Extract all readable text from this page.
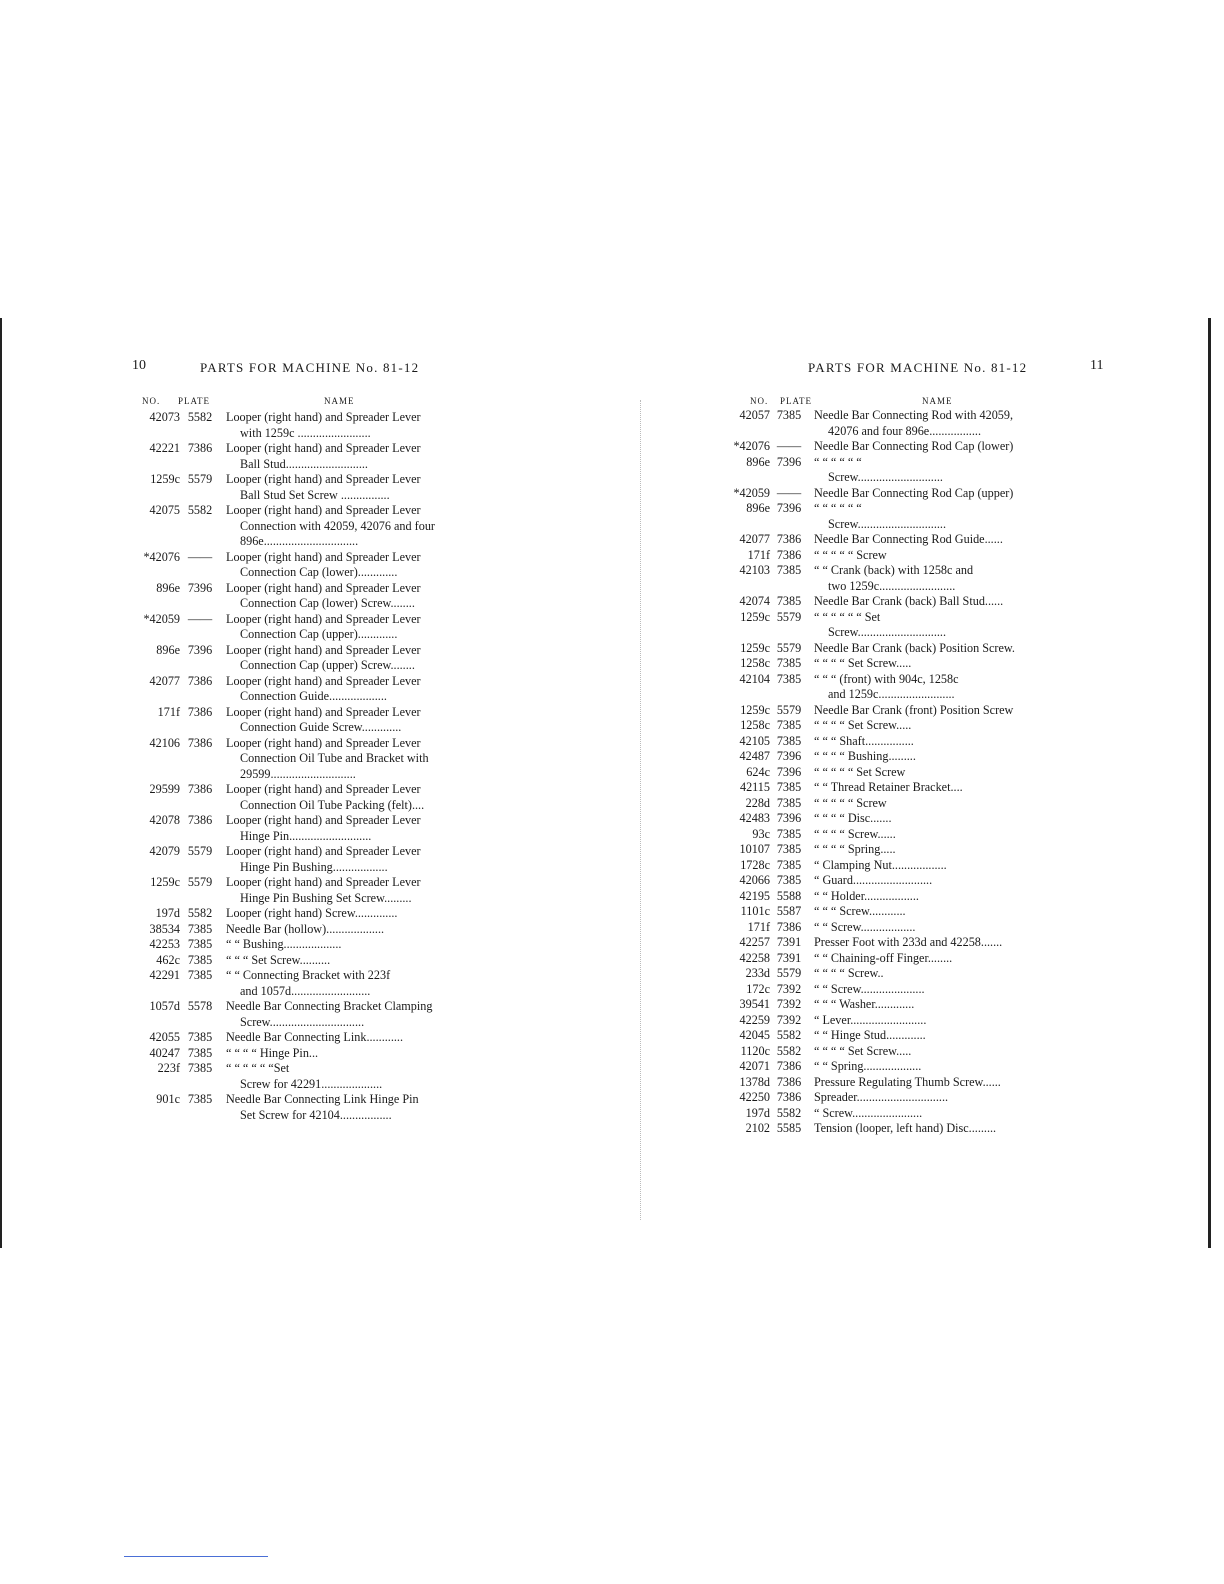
10	PARTS FOR MACHINE No. 81-12
NO. PLATE	NAME
42073 5582	Looper (right hand) and Spreader Lever
with 1259c ........................
42221 7386	Looper (right hand) and Spreader Lever
Ball Stud...........................
1259c 5579	Looper (right hand) and Spreader Lever
Ball Stud Set Screw ................
42075 5582	Looper (right hand) and Spreader Lever
Connection with 42059, 42076 and four 896e...............................
*42076 ——	Looper (right hand) and Spreader Lever
Connection Cap (lower).............
896e 7396	Looper (right hand) and Spreader Lever
Connection Cap (lower) Screw........
*42059 ——	Looper (right hand) and Spreader Lever
Connection Cap (upper).............
896e 7396	Looper (right hand) and Spreader Lever
Connection Cap (upper) Screw........
42077 7386	Looper (right hand) and Spreader Lever
Connection Guide...................
171f 7386	Looper (right hand) and Spreader Lever
Connection Guide Screw.............
42106 7386	Looper (right hand) and Spreader Lever
Connection Oil Tube and Bracket with 29599............................
29599 7386	Looper (right hand) and Spreader Lever
Connection Oil Tube Packing (felt)....
42078 7386	Looper (right hand) and Spreader Lever
Hinge Pin...........................
42079 5579	Looper (right hand) and Spreader Lever
Hinge Pin Bushing..................
1259c 5579	Looper (right hand) and Spreader Lever
Hinge Pin Bushing Set Screw.........
197d 5582	Looper (right hand) Screw..............
38534 7385	Needle Bar (hollow)...................
42253 7385	“ “ Bushing...................
462c 7385	“ “ “ Set Screw..........
42291 7385	“ “ Connecting Bracket with 223f
and 1057d..........................
1057d 5578	Needle Bar Connecting Bracket Clamping
Screw...............................
42055 7385	Needle Bar Connecting Link............
40247 7385	“ “ “ “ Hinge Pin...
223f 7385	“ “ “ “ “ “Set
Screw for 42291....................
901c 7385	Needle Bar Connecting Link Hinge Pin
Set Screw for 42104.................
PARTS FOR MACHINE No. 81-12	11
NO. PLATE	NAME
42057 7385 Needle Bar Connecting Rod with 42059,
42076 and four 896e.................
*42076 —— Needle Bar Connecting Rod Cap (lower)
896e 7396 “ “ “ “ “ “
Screw............................
*42059 —— Needle Bar Connecting Rod Cap (upper)
896e 7396 “ “ “ “ “ “
Screw.............................
42077 7386 Needle Bar Connecting Rod Guide......
171f 7386 “ “ “ “ “ Screw
42103 7385 “ “ Crank (back) with 1258c and
two 1259c.........................
42074 7385 Needle Bar Crank (back) Ball Stud......
1259c 5579 “ “ “ “ “ “ Set
Screw.............................
1259c 5579 Needle Bar Crank (back) Position Screw.
1258c 7385 “ “ “ “ Set Screw.....
42104 7385 “ “ “ (front) with 904c, 1258c
and 1259c.........................
1259c 5579 Needle Bar Crank (front) Position Screw
1258c 7385 “ “ “ “ Set Screw.....
42105 7385 “ “ “ Shaft................
42487 7396 “ “ “ “ Bushing.........
624c 7396 “ “ “ “ “ Set Screw
42115 7385 “ “ Thread Retainer Bracket....
228d 7385 “ “ “ “ “ Screw
42483 7396 “ “ “ “ Disc.......
93c 7385 “ “ “ “ Screw......
10107 7385 “ “ “ “ Spring.....
1728c 7385 “ Clamping Nut..................
42066 7385 “ Guard..........................
42195 5588 “ “ Holder..................
1101c 5587 “ “ “ Screw............
171f 7386 “ “ Screw..................
42257 7391 Presser Foot with 233d and 42258.......
42258 7391 “ “ Chaining-off Finger........
233d 5579 “ “ “ “ Screw..
172c 7392 “ “ Screw.....................
39541 7392 “ “ “ Washer.............
42259 7392 “ Lever.........................
42045 5582 “ “ Hinge Stud.............
1120c 5582 “ “ “ “ Set Screw.....
42071 7386 “ “ Spring...................
1378d 7386 Pressure Regulating Thumb Screw......
42250 7386 Spreader..............................
197d 5582 “ Screw.......................
2102 5585 Tension (looper, left hand) Disc.........
